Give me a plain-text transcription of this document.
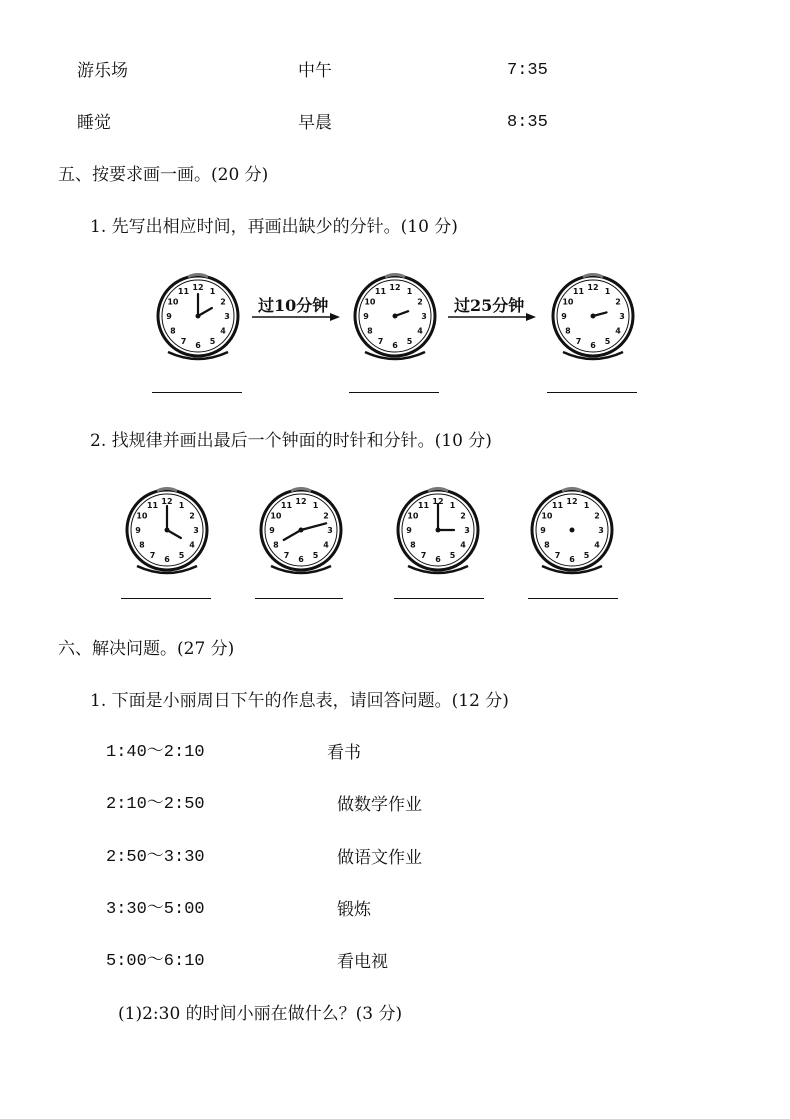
游乐场	中午	7:35
睡觉	早晨	8:35
五、按要求画一画。(20 分)
1. 先写出相应时间，再画出缺少的分针。(10 分)
12 1
2
3
4
5
6
7
8
9
10
11	12 1
2
3
4
5
6
7
8
9
10
11	12 1
2
3
4
5
6
7
8
9
10
11
过10分钟	过25分钟
2. 找规律并画出最后一个钟面的时针和分针。(10 分)
12 1
2
3
4
5
6
7
8
9
10
11	12 1
2
3
4
5
6
7
8
9
10
11	12 1
2
3
4
5
6
7
8
9
10
11	12 1
2
3
4
5
6
7
8
9
10
11
六、解决问题。(27 分)
1. 下面是小丽周日下午的作息表，请回答问题。(12 分)
1:40～2:10	看书
2:10～2:50	做数学作业
2:50～3:30	做语文作业
3:30～5:00	锻炼
5:00～6:10	看电视
(1)2:30 的时间小丽在做什么？(3 分)
